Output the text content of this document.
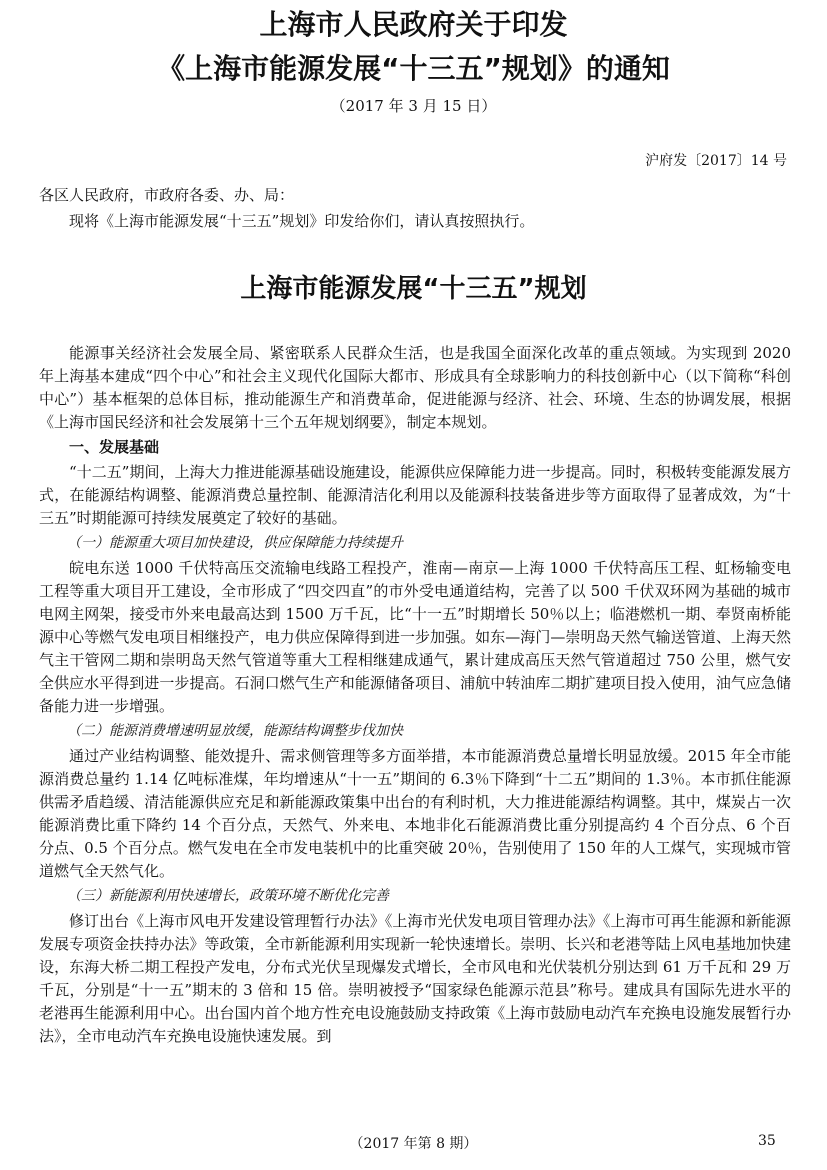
上海市人民政府关于印发
《上海市能源发展“十三五”规划》的通知
（2017 年 3 月 15 日）
沪府发〔2017〕14 号
各区人民政府，市政府各委、办、局：
现将《上海市能源发展“十三五”规划》印发给你们，请认真按照执行。
上海市能源发展“十三五”规划

能源事关经济社会发展全局、紧密联系人民群众生活，也是我国全面深化改革的重点领域。为实现到 2020 年上海基本建成“四个中心”和社会主义现代化国际大都市、形成具有全球影响力的科技创新中心（以下简称“科创中心”）基本框架的总体目标，推动能源生产和消费革命，促进能源与经济、社会、环境、生态的协调发展，根据《上海市国民经济和社会发展第十三个五年规划纲要》，制定本规划。

一、发展基础

“十二五”期间，上海大力推进能源基础设施建设，能源供应保障能力进一步提高。同时，积极转变能源发展方式，在能源结构调整、能源消费总量控制、能源清洁化利用以及能源科技装备进步等方面取得了显著成效，为“十三五”时期能源可持续发展奠定了较好的基础。

（一）能源重大项目加快建设，供应保障能力持续提升

皖电东送 1000 千伏特高压交流输电线路工程投产，淮南—南京—上海 1000 千伏特高压工程、虹杨输变电工程等重大项目开工建设，全市形成了“四交四直”的市外受电通道结构，完善了以 500 千伏双环网为基础的城市电网主网架，接受市外来电最高达到 1500 万千瓦，比“十一五”时期增长 50％以上；临港燃机一期、奉贤南桥能源中心等燃气发电项目相继投产，电力供应保障得到进一步加强。如东—海门—崇明岛天然气输送管道、上海天然气主干管网二期和崇明岛天然气管道等重大工程相继建成通气，累计建成高压天然气管道超过 750 公里，燃气安全供应水平得到进一步提高。石洞口燃气生产和能源储备项目、浦航中转油库二期扩建项目投入使用，油气应急储备能力进一步增强。

（二）能源消费增速明显放缓，能源结构调整步伐加快

通过产业结构调整、能效提升、需求侧管理等多方面举措，本市能源消费总量增长明显放缓。2015 年全市能源消费总量约 1.14 亿吨标准煤，年均增速从“十一五”期间的 6.3％下降到“十二五”期间的 1.3％。本市抓住能源供需矛盾趋缓、清洁能源供应充足和新能源政策集中出台的有利时机，大力推进能源结构调整。其中，煤炭占一次能源消费比重下降约 14 个百分点，天然气、外来电、本地非化石能源消费比重分别提高约 4 个百分点、6 个百分点、0.5 个百分点。燃气发电在全市发电装机中的比重突破 20％，告别使用了 150 年的人工煤气，实现城市管道燃气全天然气化。

（三）新能源利用快速增长，政策环境不断优化完善

修订出台《上海市风电开发建设管理暂行办法》《上海市光伏发电项目管理办法》《上海市可再生能源和新能源发展专项资金扶持办法》等政策，全市新能源利用实现新一轮快速增长。崇明、长兴和老港等陆上风电基地加快建设，东海大桥二期工程投产发电，分布式光伏呈现爆发式增长，全市风电和光伏装机分别达到 61 万千瓦和 29 万千瓦，分别是“十一五”期末的 3 倍和 15 倍。崇明被授予“国家绿色能源示范县”称号。建成具有国际先进水平的老港再生能源利用中心。出台国内首个地方性充电设施鼓励支持政策《上海市鼓励电动汽车充换电设施发展暂行办法》，全市电动汽车充换电设施快速发展。到

（2017 年第 8 期）	35
